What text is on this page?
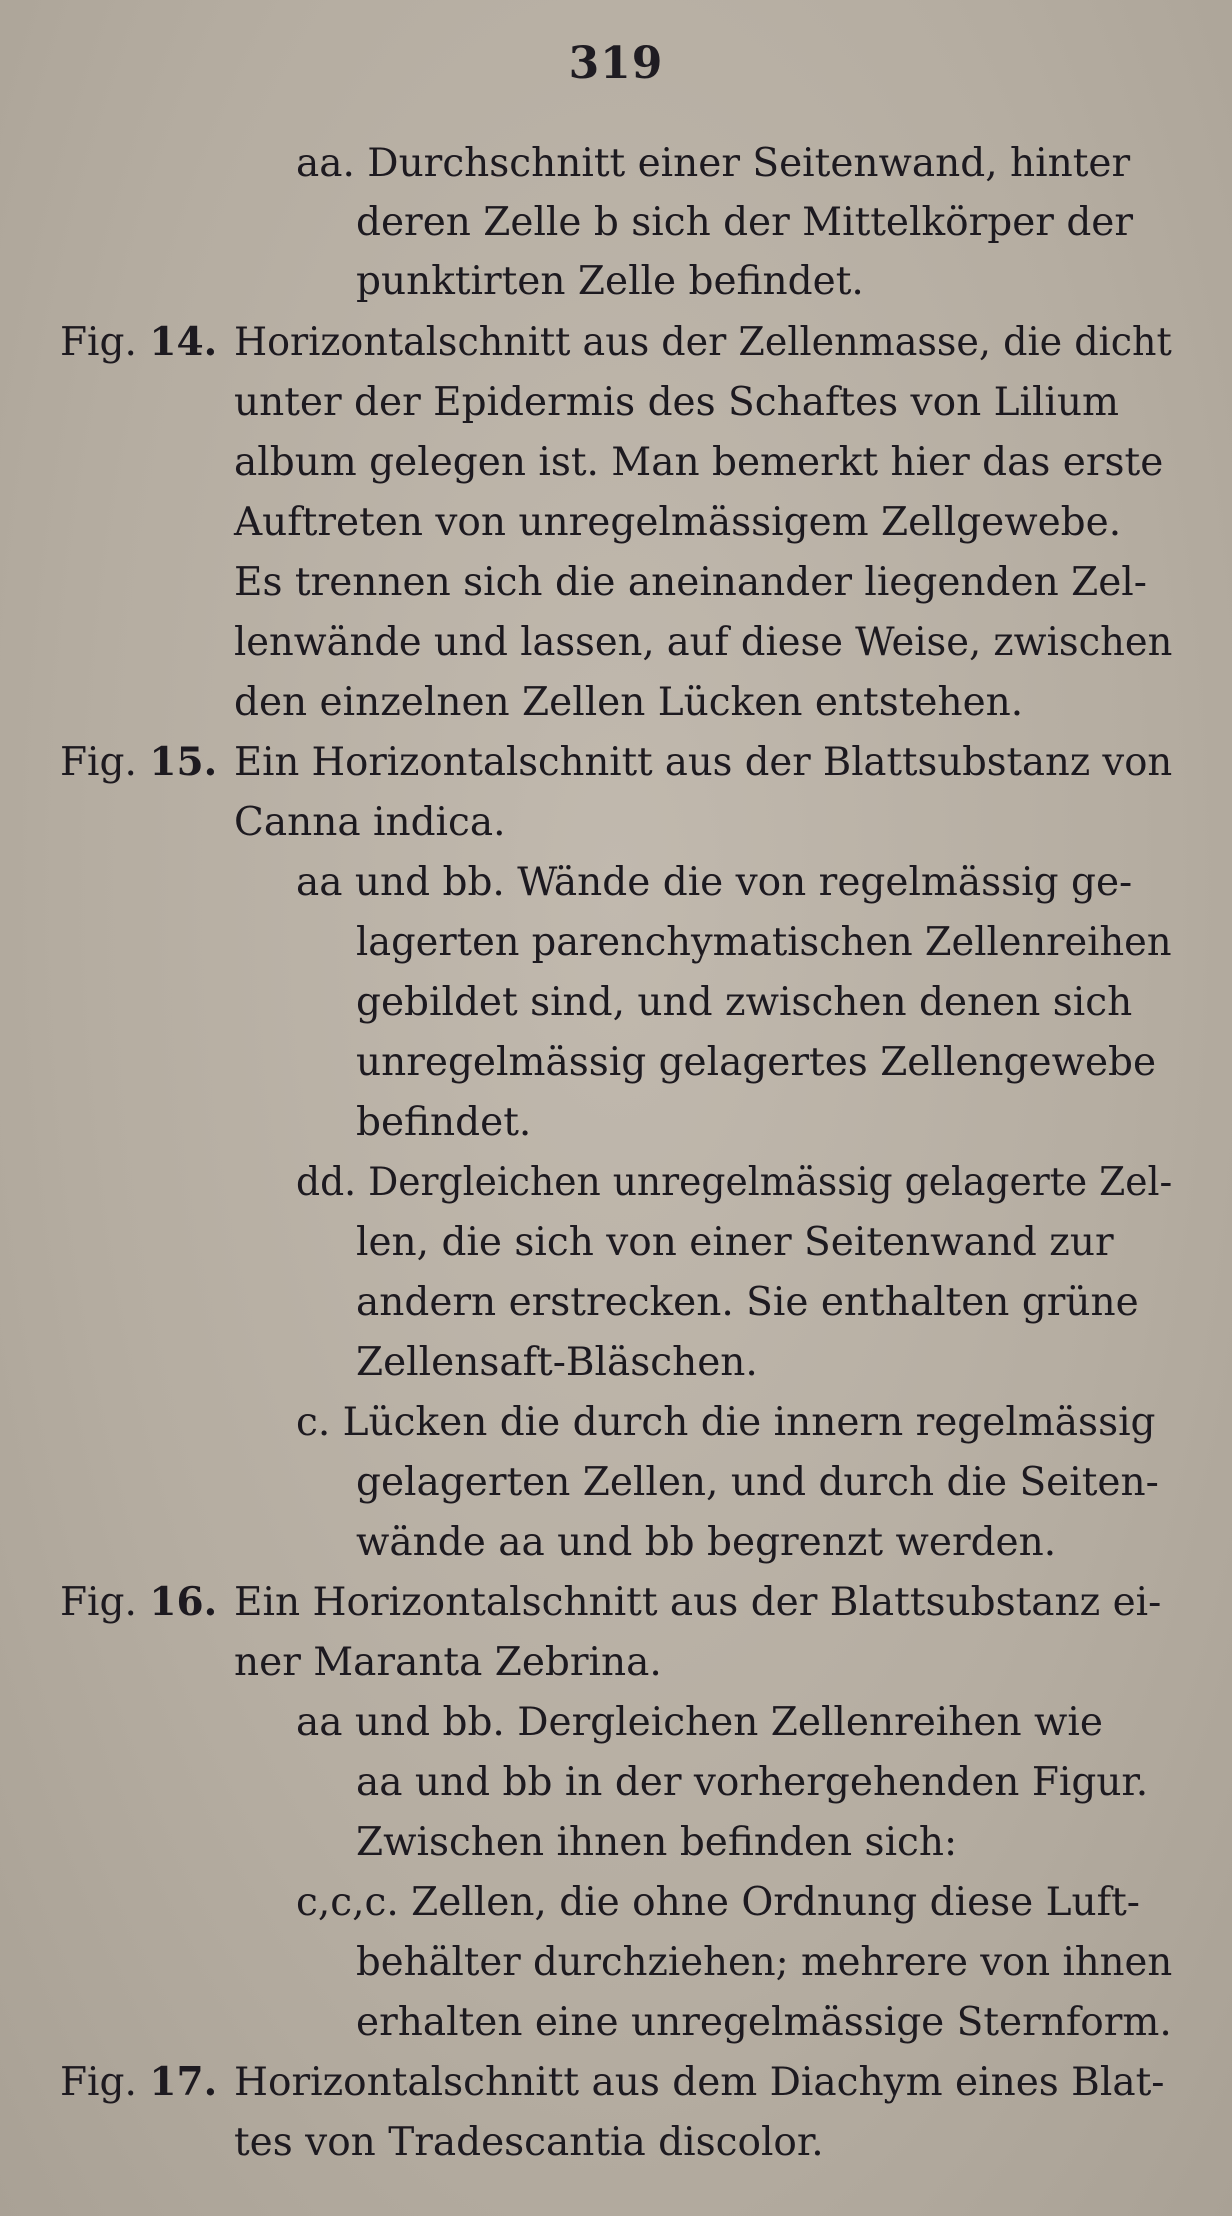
319
aa. Durchschnitt einer Seitenwand, hinter
deren Zelle b sich der Mittelkörper der
punktirten Zelle befindet.
Fig. 14. Horizontalschnitt aus der Zellenmasse, die dicht
unter der Epidermis des Schaftes von Lilium
album gelegen ist. Man bemerkt hier das erste
Auftreten von unregelmässigem Zellgewebe.
Es trennen sich die aneinander liegenden Zel-
lenwände und lassen, auf diese Weise, zwischen
den einzelnen Zellen Lücken entstehen.
Fig. 15. Ein Horizontalschnitt aus der Blattsubstanz von
Canna indica.
aa und bb. Wände die von regelmässig ge-
lagerten parenchymatischen Zellenreihen
gebildet sind, und zwischen denen sich
unregelmässig gelagertes Zellengewebe
befindet.
dd. Dergleichen unregelmässig gelagerte Zel-
len, die sich von einer Seitenwand zur
andern erstrecken. Sie enthalten grüne
Zellensaft-Bläschen.
c. Lücken die durch die innern regelmässig
gelagerten Zellen, und durch die Seiten-
wände aa und bb begrenzt werden.
Fig. 16. Ein Horizontalschnitt aus der Blattsubstanz ei-
ner Maranta Zebrina.
aa und bb. Dergleichen Zellenreihen wie
aa und bb in der vorhergehenden Figur.
Zwischen ihnen befinden sich:
c,c,c. Zellen, die ohne Ordnung diese Luft-
behälter durchziehen; mehrere von ihnen
erhalten eine unregelmässige Sternform.
Fig. 17. Horizontalschnitt aus dem Diachym eines Blat-
tes von Tradescantia discolor.
